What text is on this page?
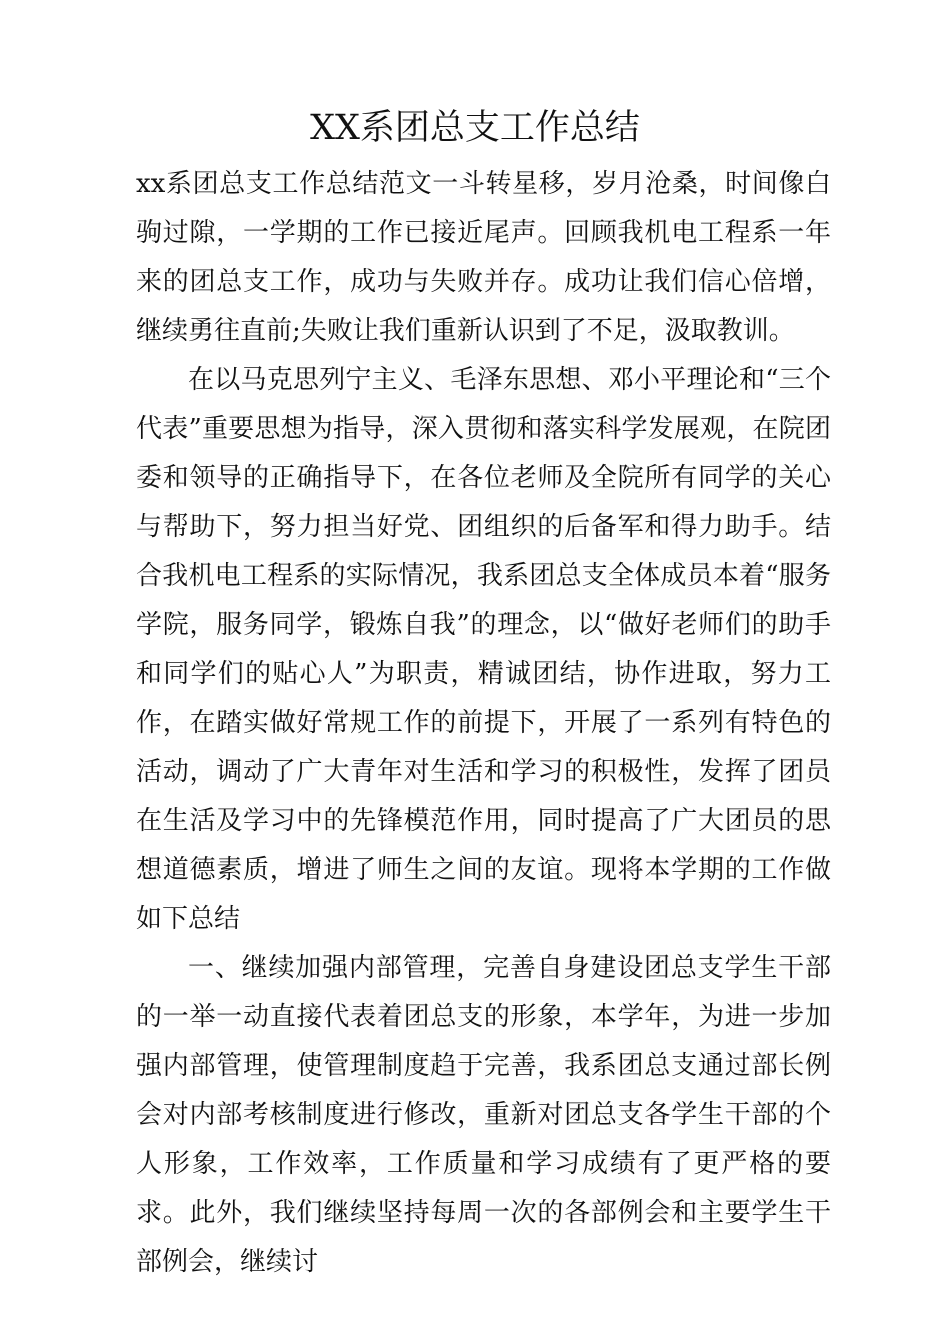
XX系团总支工作总结

xx系团总支工作总结范文一斗转星移，岁月沧桑，时间像白驹过隙，一学期的工作已接近尾声。回顾我机电工程系一年来的团总支工作，成功与失败并存。成功让我们信心倍增，继续勇往直前;失败让我们重新认识到了不足，汲取教训。

在以马克思列宁主义、毛泽东思想、邓小平理论和“三个代表”重要思想为指导，深入贯彻和落实科学发展观，在院团委和领导的正确指导下，在各位老师及全院所有同学的关心与帮助下，努力担当好党、团组织的后备军和得力助手。结合我机电工程系的实际情况，我系团总支全体成员本着“服务学院，服务同学，锻炼自我”的理念，以“做好老师们的助手和同学们的贴心人”为职责，精诚团结，协作进取，努力工作，在踏实做好常规工作的前提下，开展了一系列有特色的活动，调动了广大青年对生活和学习的积极性，发挥了团员在生活及学习中的先锋模范作用，同时提高了广大团员的思想道德素质，增进了师生之间的友谊。现将本学期的工作做如下总结

一、继续加强内部管理，完善自身建设团总支学生干部的一举一动直接代表着团总支的形象，本学年，为进一步加强内部管理，使管理制度趋于完善，我系团总支通过部长例会对内部考核制度进行修改，重新对团总支各学生干部的个人形象，工作效率，工作质量和学习成绩有了更严格的要求。此外，我们继续坚持每周一次的各部例会和主要学生干部例会，继续讨
